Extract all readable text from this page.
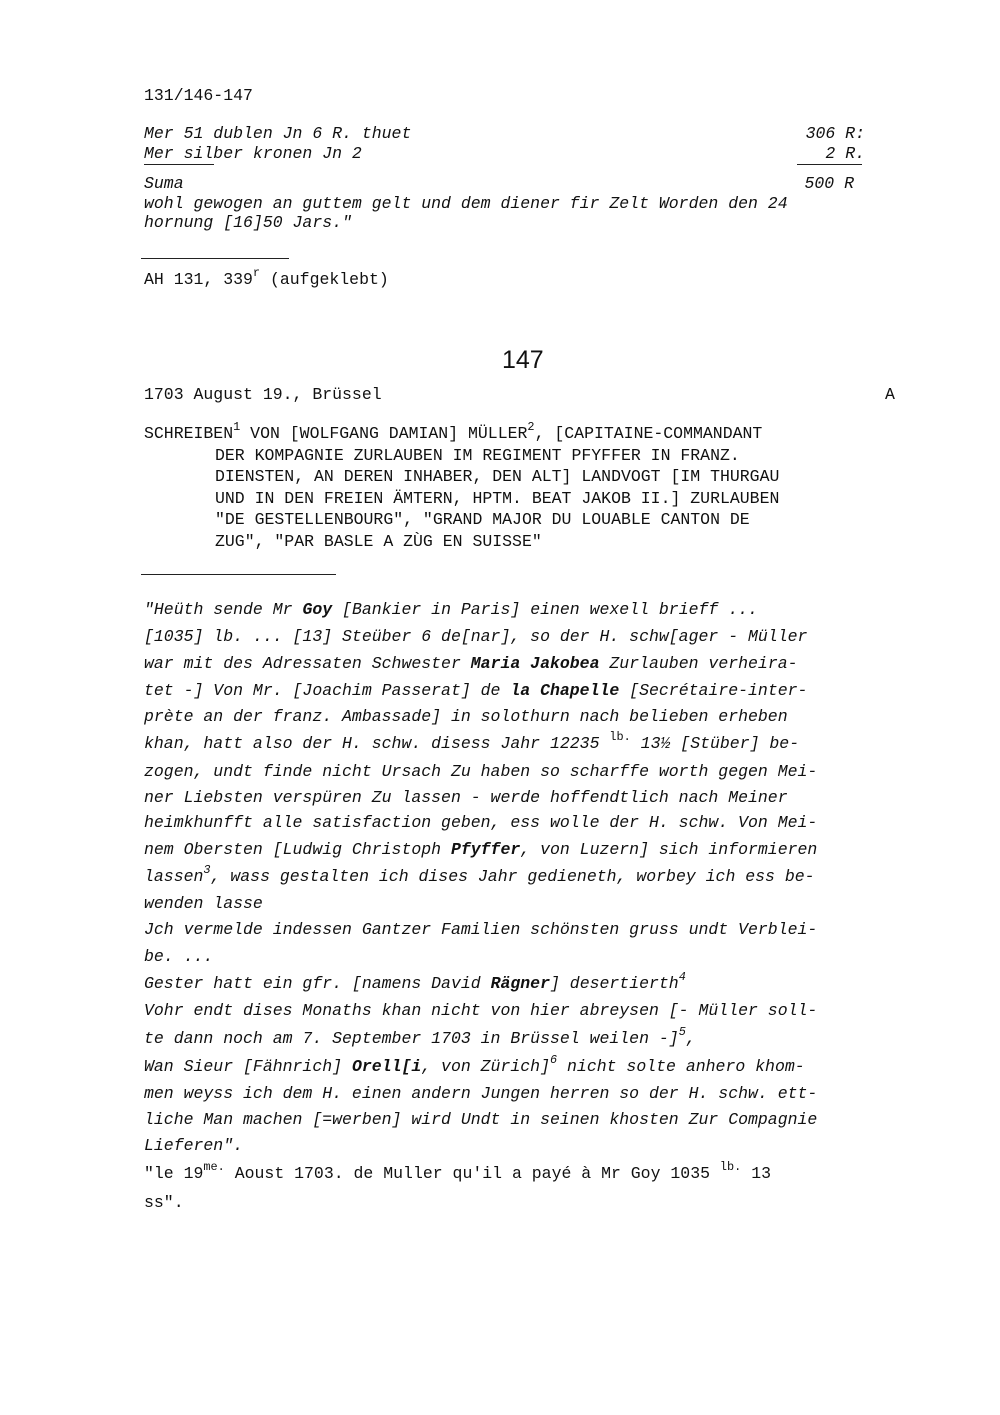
131/146-147
Mer 51 dublen Jn 6 R. thuet	306 R:
Mer silber kronen Jn 2	2 R.
Suma	500 R
wohl gewogen an guttem gelt und dem diener fir Zelt Worden den 24
hornung [16]50 Jars."
AH 131, 339$^r$ (aufgeklebt)
147
1703 August 19., Brüssel	A
SCHREIBEN$^1$ VON [WOLFGANG DAMIAN] MÜLLER$^2$, [CAPITAINE-COMMANDANT
DER KOMPAGNIE ZURLAUBEN IM REGIMENT PFYFFER IN FRANZ.
DIENSTEN, AN DEREN INHABER, DEN ALT] LANDVOGT [IM THURGAU
UND IN DEN FREIEN ÄMTERN, HPTM. BEAT JAKOB II.] ZURLAUBEN
"DE GESTELLENBOURG", "GRAND MAJOR DU LOUABLE CANTON DE
ZUG", "PAR BASLE A ZÙG EN SUISSE"
"Heüth sende Mr Goy [Bankier in Paris] einen wexell brieff ...
[1035] lb. ... [13] Steüber 6 de[nar], so der H. schw[ager - Müller
war mit des Adressaten Schwester Maria Jakobea Zurlauben verheira-
tet -] Von Mr. [Joachim Passerat] de la Chapelle [Secrétaire-inter-
prète an der franz. Ambassade] in solothurn nach belieben erheben
khan, hatt also der H. schw. disess Jahr 12235 $^{lb.}$ 13½ [Stüber] be-
zogen, undt finde nicht Ursach Zu haben so scharffe worth gegen Mei-
ner Liebsten verspüren Zu lassen - werde hoffendtlich nach Meiner
heimkhunfft alle satisfaction geben, ess wolle der H. schw. Von Mei-
nem Obersten [Ludwig Christoph Pfyffer, von Luzern] sich informieren
lassen$^3$, wass gestalten ich dises Jahr gedieneth, worbey ich ess be-
wenden lasse
Jch vermelde indessen Gantzer Familien schönsten gruss undt Verblei-
be. ...
Gester hatt ein gfr. [namens David Rägner] desertierth$^4$
Vohr endt dises Monaths khan nicht von hier abreysen [- Müller soll-
te dann noch am 7. September 1703 in Brüssel weilen -]$^5$,
Wan Sieur [Fähnrich] Orell[i, von Zürich]$^6$ nicht solte anhero khom-
men weyss ich dem H. einen andern Jungen herren so der H. schw. ett-
liche Man machen [=werben] wird Undt in seinen khosten Zur Compagnie
Lieferen".
"le $19^{me.}$ Aoust 1703. de Muller qu'il a payé à Mr Goy 1035 $^{lb.}$ 13
ss".
